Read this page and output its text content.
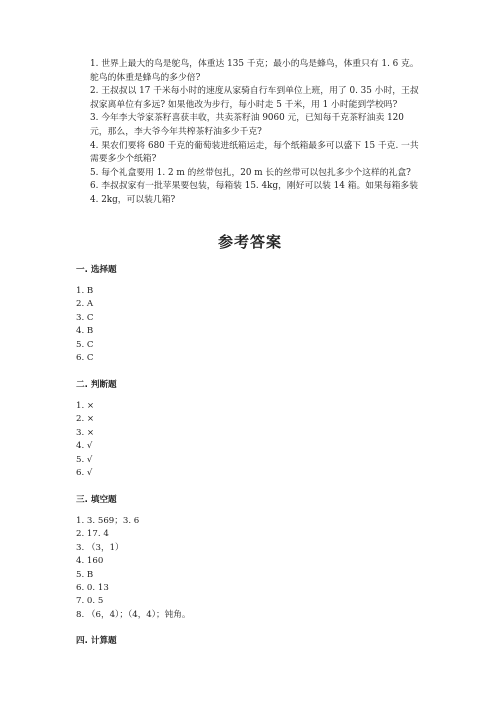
1. 世界上最大的鸟是鸵鸟，体重达 135 千克；最小的鸟是蜂鸟，体重只有 1. 6 克。鸵鸟的体重是蜂鸟的多少倍?

2. 王叔叔以 17 千米每小时的速度从家骑自行车到单位上班，用了 0. 35 小时，王叔叔家离单位有多远? 如果他改为步行，每小时走 5 千米，用 1 小时能到学校吗?

3. 今年李大爷家茶籽喜获丰收，共卖茶籽油 9060 元，已知每千克茶籽油卖 120 元，那么，李大爷今年共榨茶籽油多少千克?

4. 果农们要将 680 千克的葡萄装进纸箱运走，每个纸箱最多可以盛下 15 千克. 一共需要多少个纸箱?

5. 每个礼盒要用 1. 2 m 的丝带包扎，20 m 长的丝带可以包扎多少个这样的礼盒?

6. 李叔叔家有一批苹果要包装，每箱装 15. 4kg，刚好可以装 14 箱。如果每箱多装 4. 2kg，可以装几箱?

参考答案
一. 选择题
1. B
2. A
3. C
4. B
5. C
6. C
二. 判断题
1. ×
2. ×
3. ×
4. √
5. √
6. √
三. 填空题
1. 3. 569；3. 6
2. 17. 4
3. （3，1）
4. 160
5. B
6. 0. 13
7. 0. 5
8. （6，4）；（4，4）；钝角。
四. 计算题
